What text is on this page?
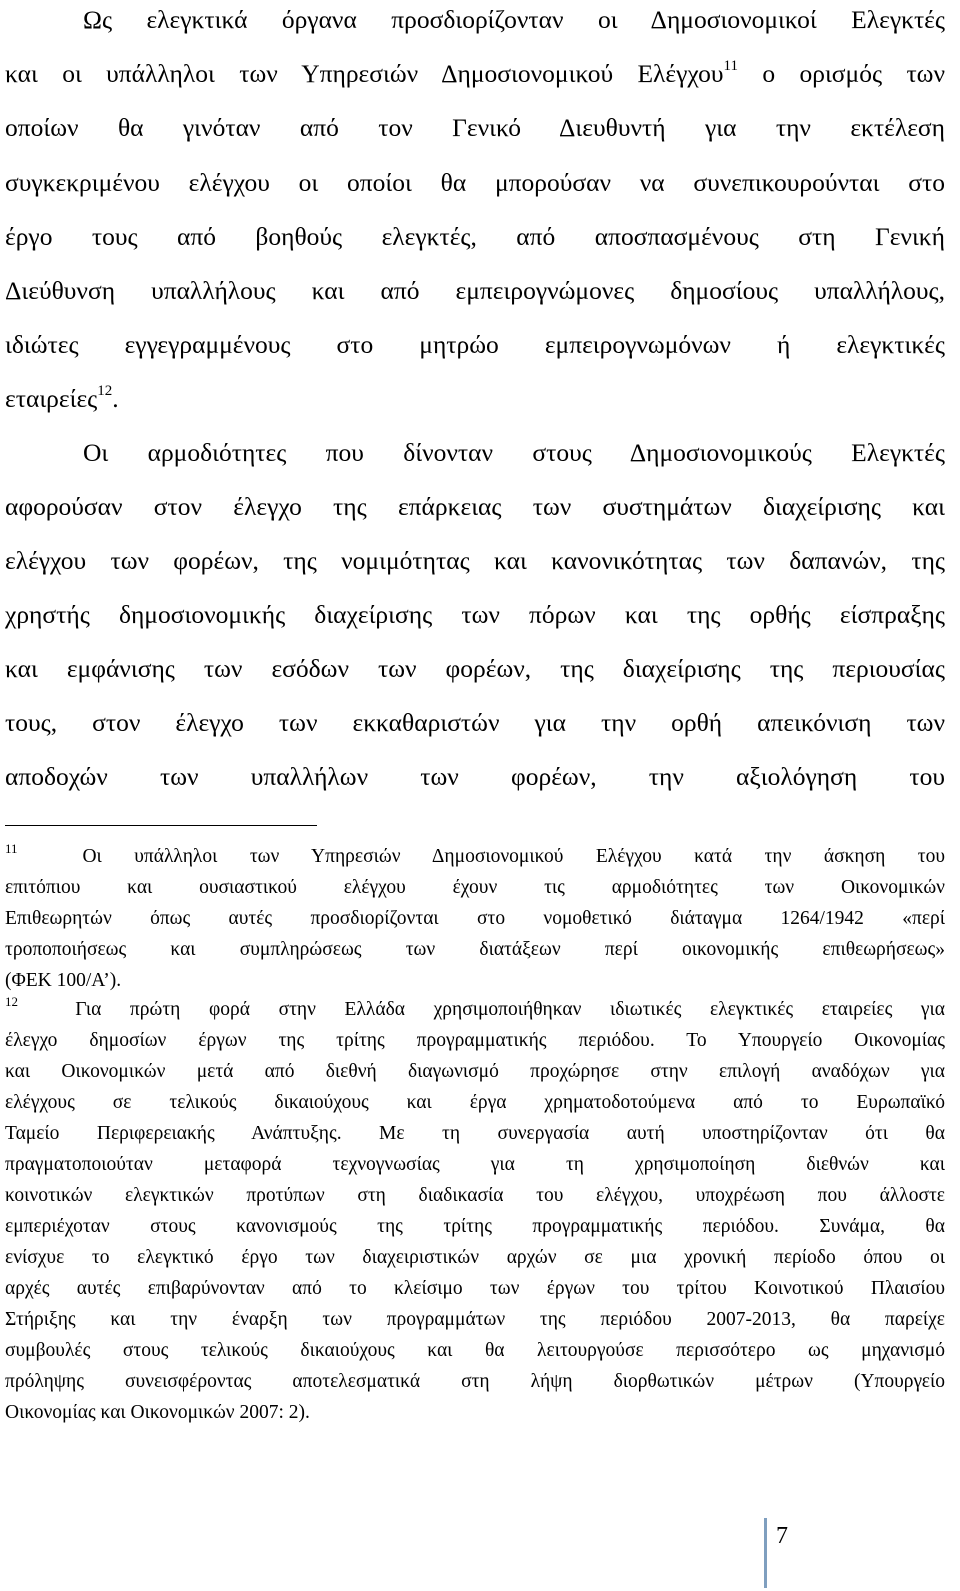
Ως ελεγκτικά όργανα προσδιορίζονταν οι Δημοσιονομικοί Ελεγκτές
και οι υπάλληλοι των Υπηρεσιών Δημοσιονομικού Ελέγχου$^{11}$ ο ορισμός των
οποίων θα γινόταν από τον Γενικό Διευθυντή για την εκτέλεση
συγκεκριμένου ελέγχου οι οποίοι θα μπορούσαν να συνεπικουρούνται στο
έργο τους από βοηθούς ελεγκτές, από αποσπασμένους στη Γενική
Διεύθυνση υπαλλήλους και από εμπειρογνώμονες δημοσίους υπαλλήλους,
ιδιώτες εγγεγραμμένους στο μητρώο εμπειρογνωμόνων ή ελεγκτικές
εταιρείες$^{12}$.
Οι αρμοδιότητες που δίνονταν στους Δημοσιονομικούς Ελεγκτές
αφορούσαν στον έλεγχο της επάρκειας των συστημάτων διαχείρισης και
ελέγχου των φορέων, της νομιμότητας και κανονικότητας των δαπανών, της
χρηστής δημοσιονομικής διαχείρισης των πόρων και της ορθής είσπραξης
και εμφάνισης των εσόδων των φορέων, της διαχείρισης της περιουσίας
τους, στον έλεγχο των εκκαθαριστών για την ορθή απεικόνιση των
αποδοχών των υπαλλήλων των φορέων, την αξιολόγηση του
$^{11}$	Οι υπάλληλοι των Υπηρεσιών Δημοσιονομικού Ελέγχου κατά την άσκηση του
επιτόπιου και ουσιαστικού ελέγχου έχουν τις αρμοδιότητες των Οικονομικών
Επιθεωρητών όπως αυτές προσδιορίζονται στο νομοθετικό διάταγμα 1264/1942 «περί
τροποποιήσεως και συμπληρώσεως των διατάξεων περί οικονομικής επιθεωρήσεως»
(ΦΕΚ 100/Α’).
$^{12}$	Για πρώτη φορά στην Ελλάδα χρησιμοποιήθηκαν ιδιωτικές ελεγκτικές εταιρείες για
έλεγχο δημοσίων έργων της τρίτης προγραμματικής περιόδου. Το Υπουργείο Οικονομίας
και Οικονομικών μετά από διεθνή διαγωνισμό προχώρησε στην επιλογή αναδόχων για
ελέγχους σε τελικούς δικαιούχους και έργα χρηματοδοτούμενα από το Ευρωπαϊκό
Ταμείο Περιφερειακής Ανάπτυξης. Με τη συνεργασία αυτή υποστηρίζονταν ότι θα
πραγματοποιούταν μεταφορά τεχνογνωσίας για τη χρησιμοποίηση διεθνών και
κοινοτικών ελεγκτικών προτύπων στη διαδικασία του ελέγχου, υποχρέωση που άλλοστε
εμπεριέχοταν στους κανονισμούς της τρίτης προγραμματικής περιόδου. Συνάμα, θα
ενίσχυε το ελεγκτικό έργο των διαχειριστικών αρχών σε μια χρονική περίοδο όπου οι
αρχές αυτές επιβαρύνονταν από το κλείσιμο των έργων του τρίτου Κοινοτικού Πλαισίου
Στήριξης και την έναρξη των προγραμμάτων της περιόδου 2007-2013, θα παρείχε
συμβουλές στους τελικούς δικαιούχους και θα λειτουργούσε περισσότερο ως μηχανισμό
πρόληψης συνεισφέροντας αποτελεσματικά στη λήψη διορθωτικών μέτρων (Υπουργείο
Οικονομίας και Οικονομικών 2007: 2).
7
